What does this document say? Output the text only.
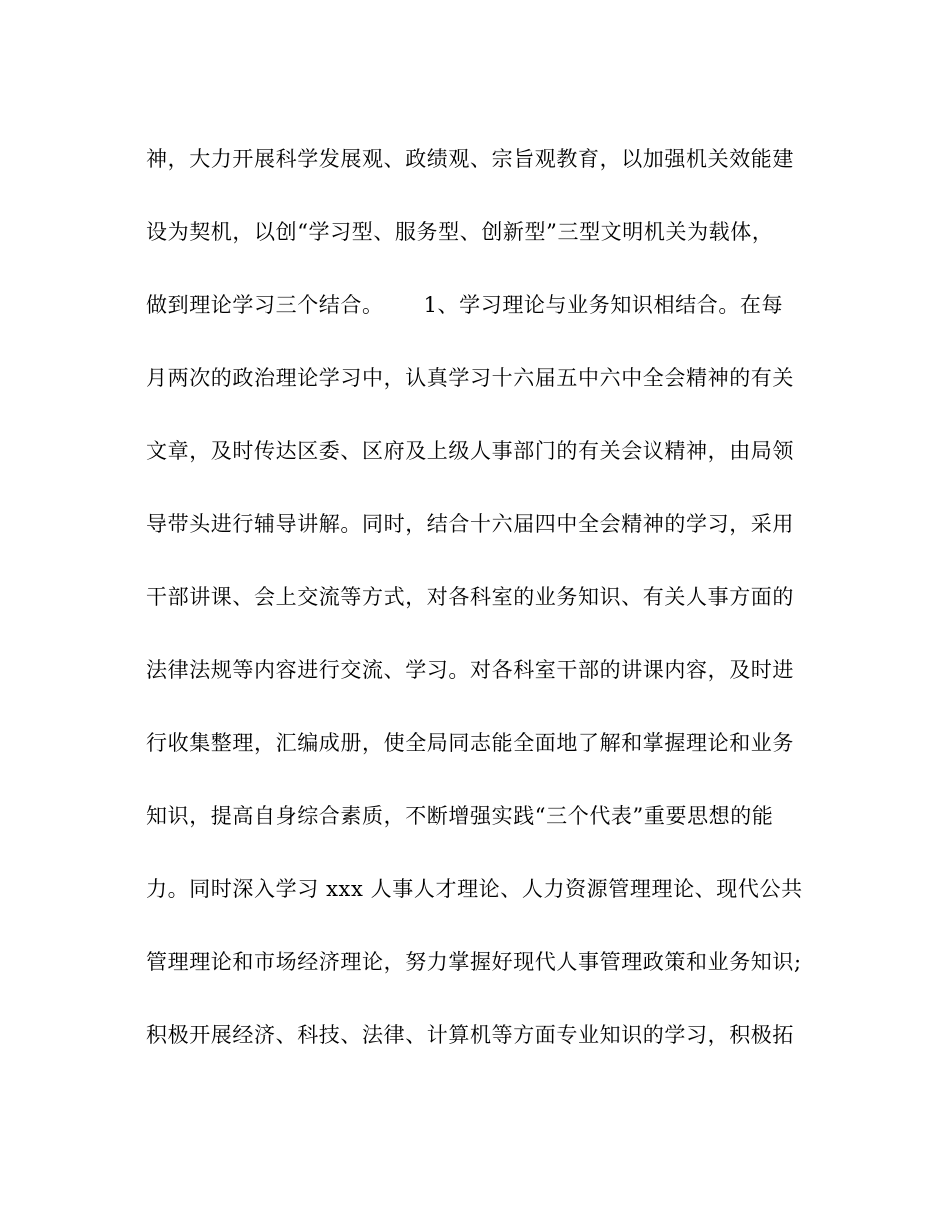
神，大力开展科学发展观、政绩观、宗旨观教育，以加强机关效能建
设为契机，以创“学习型、服务型、创新型”三型文明机关为载体，
做到理论学习三个结合。　　 1、学习理论与业务知识相结合。在每
月两次的政治理论学习中，认真学习十六届五中六中全会精神的有关
文章，及时传达区委、区府及上级人事部门的有关会议精神，由局领
导带头进行辅导讲解。同时，结合十六届四中全会精神的学习，采用
干部讲课、会上交流等方式，对各科室的业务知识、有关人事方面的
法律法规等内容进行交流、学习。对各科室干部的讲课内容，及时进
行收集整理，汇编成册，使全局同志能全面地了解和掌握理论和业务
知识，提高自身综合素质，不断增强实践“三个代表”重要思想的能
力。同时深入学习 xxx 人事人才理论、人力资源管理理论、现代公共
管理理论和市场经济理论，努力掌握好现代人事管理政策和业务知识;
积极开展经济、科技、法律、计算机等方面专业知识的学习，积极拓
